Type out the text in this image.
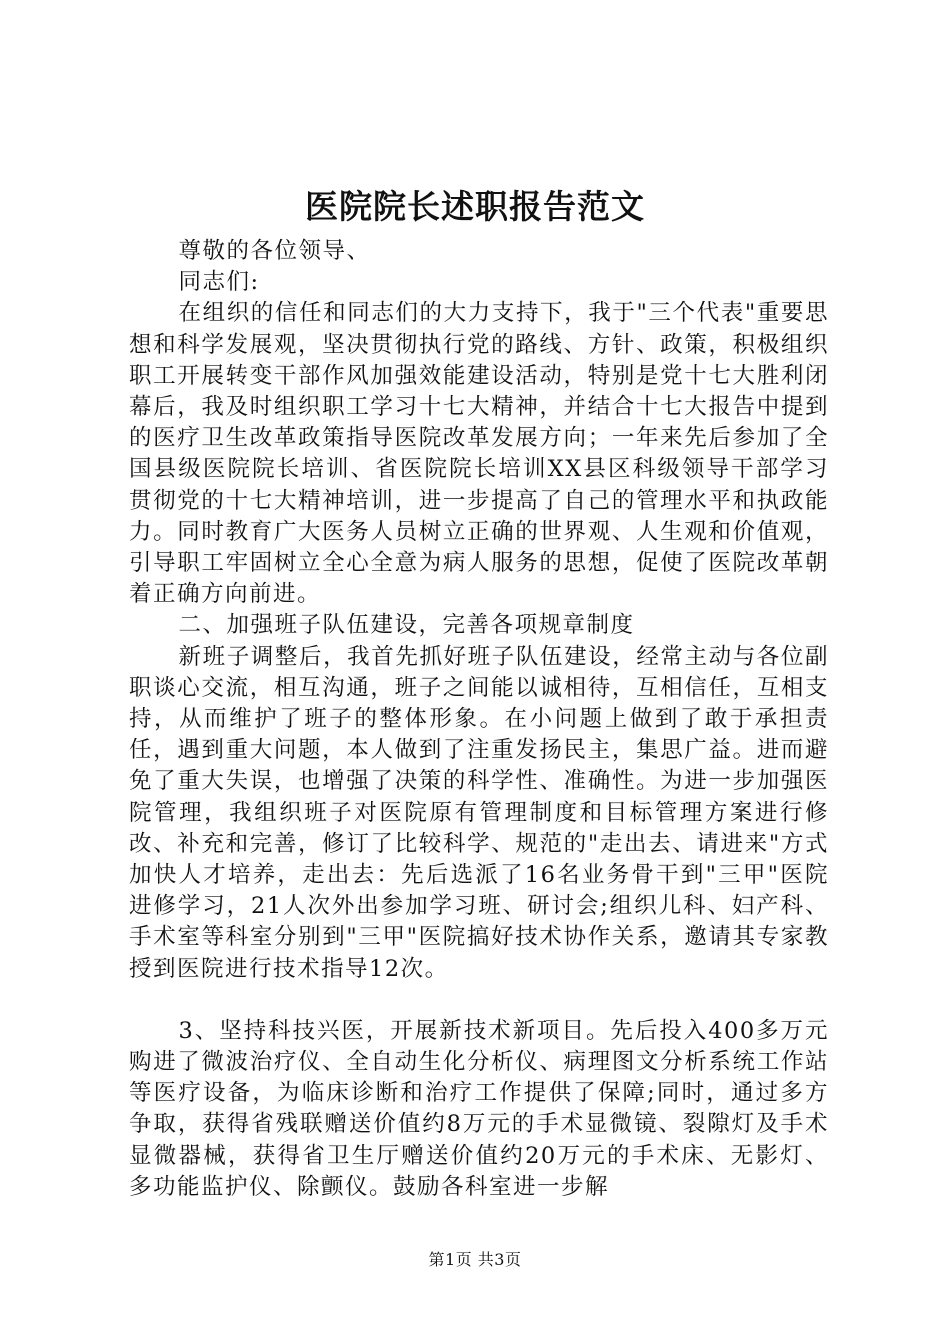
医院院长述职报告范文

尊敬的各位领导、

同志们:

在组织的信任和同志们的大力支持下，我于"三个代表"重要思想和科学发展观，坚决贯彻执行党的路线、方针、政策，积极组织职工开展转变干部作风加强效能建设活动，特别是党十七大胜利闭幕后，我及时组织职工学习十七大精神，并结合十七大报告中提到的医疗卫生改革政策指导医院改革发展方向；一年来先后参加了全国县级医院院长培训、省医院院长培训XX县区科级领导干部学习贯彻党的十七大精神培训，进一步提高了自己的管理水平和执政能力。同时教育广大医务人员树立正确的世界观、人生观和价值观，引导职工牢固树立全心全意为病人服务的思想，促使了医院改革朝着正确方向前进。

二、加强班子队伍建设，完善各项规章制度

新班子调整后，我首先抓好班子队伍建设，经常主动与各位副职谈心交流，相互沟通，班子之间能以诚相待，互相信任，互相支持，从而维护了班子的整体形象。在小问题上做到了敢于承担责任，遇到重大问题，本人做到了注重发扬民主，集思广益。进而避免了重大失误，也增强了决策的科学性、准确性。为进一步加强医院管理，我组织班子对医院原有管理制度和目标管理方案进行修改、补充和完善，修订了比较科学、规范的"走出去、请进来"方式加快人才培养，走出去：先后选派了16名业务骨干到"三甲"医院进修学习，21人次外出参加学习班、研讨会;组织儿科、妇产科、手术室等科室分别到"三甲"医院搞好技术协作关系，邀请其专家教授到医院进行技术指导12次。

3、坚持科技兴医，开展新技术新项目。先后投入400多万元购进了微波治疗仪、全自动生化分析仪、病理图文分析系统工作站等医疗设备，为临床诊断和治疗工作提供了保障;同时，通过多方争取，获得省残联赠送价值约8万元的手术显微镜、裂隙灯及手术显微器械，获得省卫生厅赠送价值约20万元的手术床、无影灯、多功能监护仪、除颤仪。鼓励各科室进一步解

第1页 共3页
